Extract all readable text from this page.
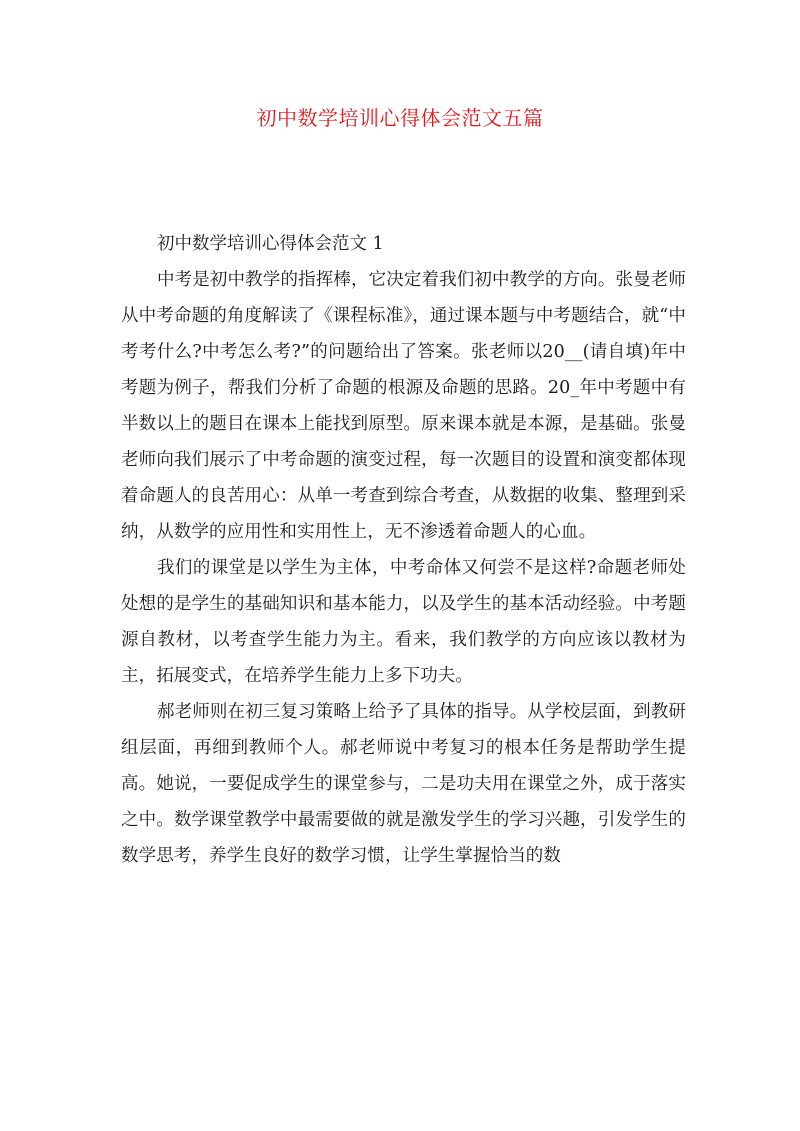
初中数学培训心得体会范文五篇

初中数学培训心得体会范文 1

中考是初中教学的指挥棒，它决定着我们初中教学的方向。张曼老师从中考命题的角度解读了《课程标准》，通过课本题与中考题结合，就“中考考什么?中考怎么考?”的问题给出了答案。张老师以20__(请自填)年中考题为例子，帮我们分析了命题的根源及命题的思路。20_年中考题中有半数以上的题目在课本上能找到原型。原来课本就是本源，是基础。张曼老师向我们展示了中考命题的演变过程，每一次题目的设置和演变都体现着命题人的良苦用心：从单一考查到综合考查，从数据的收集、整理到采纳，从数学的应用性和实用性上，无不渗透着命题人的心血。

我们的课堂是以学生为主体，中考命体又何尝不是这样?命题老师处处想的是学生的基础知识和基本能力，以及学生的基本活动经验。中考题源自教材，以考查学生能力为主。看来，我们教学的方向应该以教材为主，拓展变式，在培养学生能力上多下功夫。

郝老师则在初三复习策略上给予了具体的指导。从学校层面，到教研组层面，再细到教师个人。郝老师说中考复习的根本任务是帮助学生提高。她说，一要促成学生的课堂参与，二是功夫用在课堂之外，成于落实之中。数学课堂教学中最需要做的就是激发学生的学习兴趣，引发学生的数学思考，养学生良好的数学习惯，让学生掌握恰当的数
